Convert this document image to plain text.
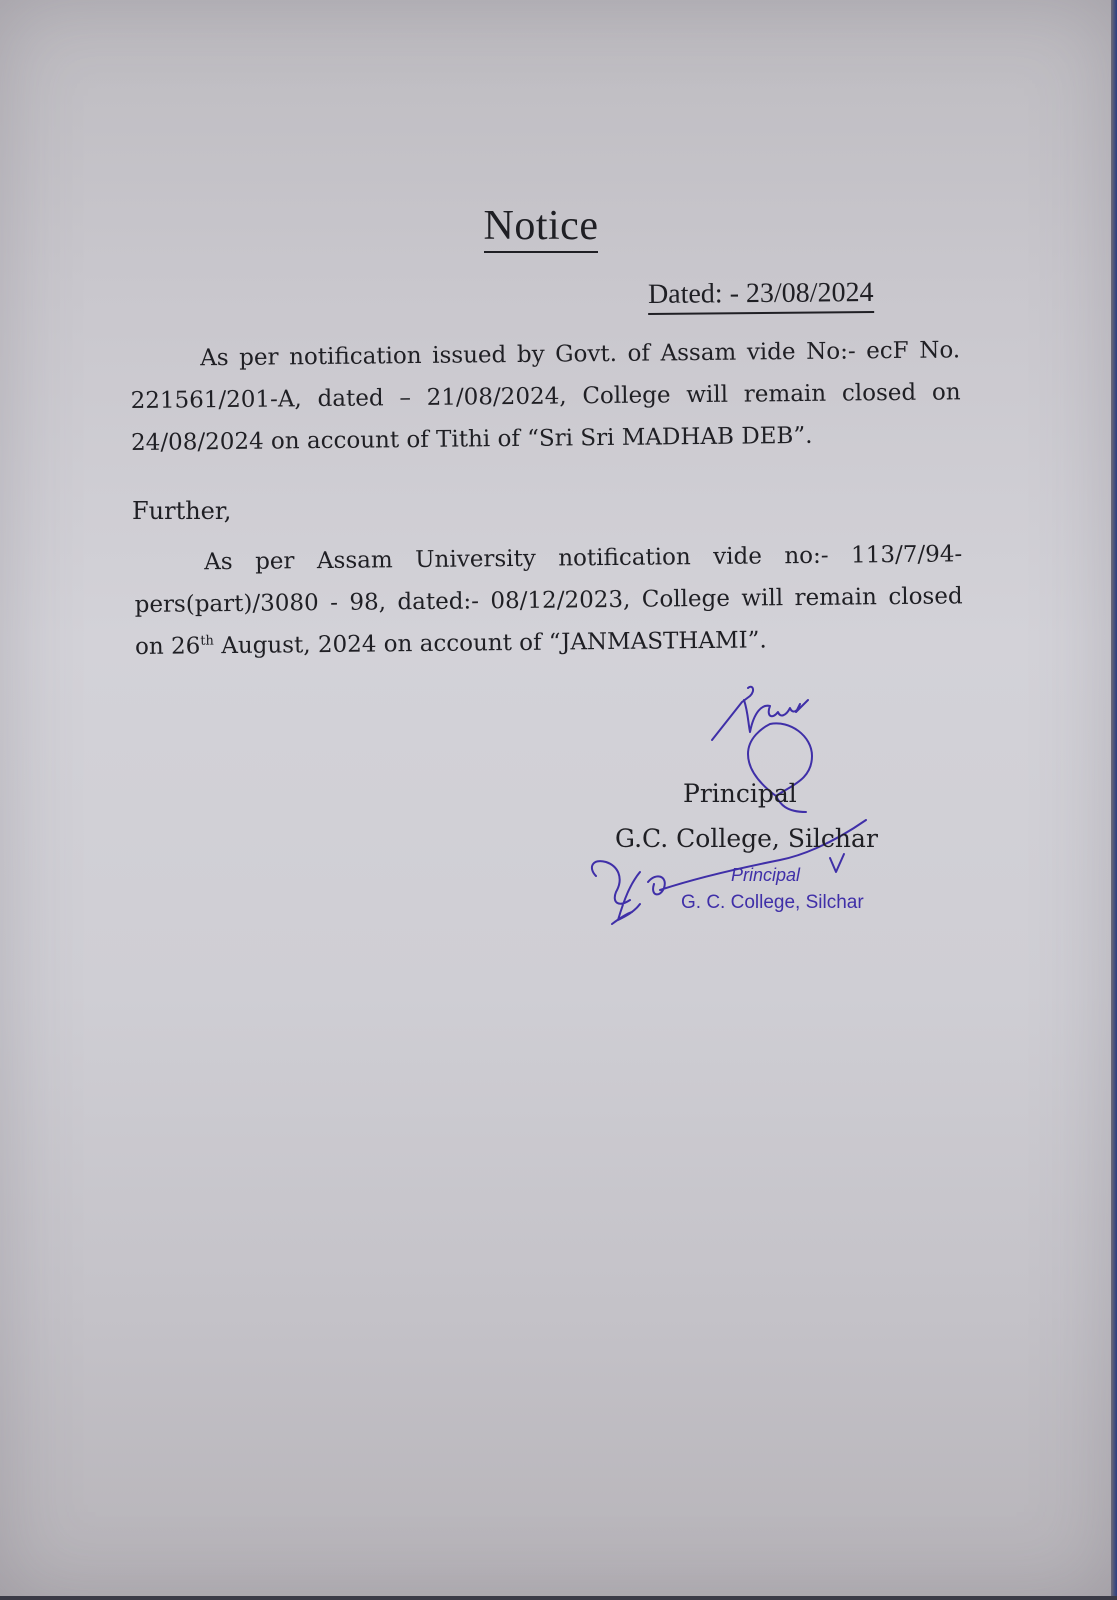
Notice
Dated: - 23/08/2024
As per notification issued by Govt. of Assam vide No:- ecF No. 221561/201-A, dated – 21/08/2024, College will remain closed on 24/08/2024 on account of Tithi of “Sri Sri MADHAB DEB”.
Further,
As per Assam University notification vide no:- 113/7/94-pers(part)/3080 - 98, dated:- 08/12/2023, College will remain closed on 26th August, 2024 on account of “JANMASTHAMI”.
Principal
G.C. College, Silchar
Principal
G. C. College, Silchar
